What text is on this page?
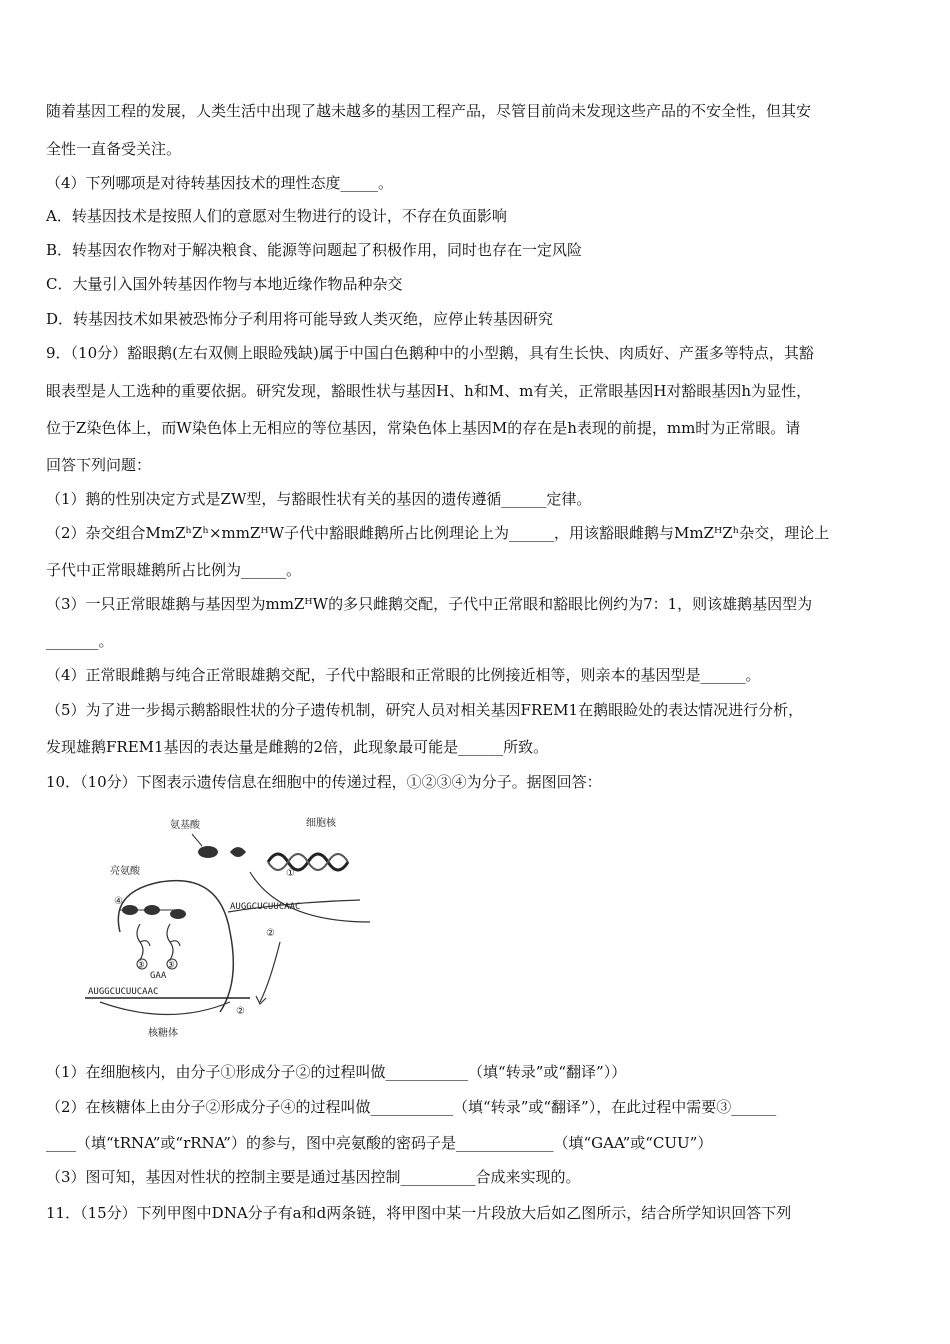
随着基因工程的发展，人类生活中出现了越未越多的基因工程产品，尽管目前尚未发现这些产品的不安全性，但其安
全性一直备受关注。
（4）下列哪项是对待转基因技术的理性态度_____。
A．转基因技术是按照人们的意愿对生物进行的设计，不存在负面影响
B．转基因农作物对于解决粮食、能源等问题起了积极作用，同时也存在一定风险
C．大量引入国外转基因作物与本地近缘作物品种杂交
D．转基因技术如果被恐怖分子利用将可能导致人类灭绝，应停止转基因研究
9．（10分）豁眼鹅(左右双侧上眼睑残缺)属于中国白色鹅种中的小型鹅，具有生长快、肉质好、产蛋多等特点，其豁
眼表型是人工选种的重要依据。研究发现，豁眼性状与基因H、h和M、m有关，正常眼基因H对豁眼基因h为显性，
位于Z染色体上，而W染色体上无相应的等位基因，常染色体上基因M的存在是h表现的前提，mm时为正常眼。请
回答下列问题：
（1）鹅的性别决定方式是ZW型，与豁眼性状有关的基因的遗传遵循______定律。
（2）杂交组合MmZʰZʰ×mmZᴴW子代中豁眼雌鹅所占比例理论上为______，用该豁眼雌鹅与MmZᴴZʰ杂交，理论上
子代中正常眼雄鹅所占比例为______。
（3）一只正常眼雄鹅与基因型为mmZᴴW的多只雌鹅交配，子代中正常眼和豁眼比例约为7：1，则该雄鹅基因型为
_______。
（4）正常眼雌鹅与纯合正常眼雄鹅交配，子代中豁眼和正常眼的比例接近相等，则亲本的基因型是______。
（5）为了进一步揭示鹅豁眼性状的分子遗传机制，研究人员对相关基因FREM1在鹅眼睑处的表达情况进行分析，
发现雄鹅FREM1基因的表达量是雌鹅的2倍，此现象最可能是______所致。
10．（10分）下图表示遗传信息在细胞中的传递过程，①②③④为分子。据图回答：
AUGGCUCUUCAAC
GAA
AUGGCUCUUCAAC
氨基酸	细胞核
亮氨酸
核糖体
①
②
②
③ ③
④
（1）在细胞核内，由分子①形成分子②的过程叫做___________（填“转录”或“翻译”））
（2）在核糖体上由分子②形成分子④的过程叫做___________（填“转录”或“翻译”），在此过程中需要③______
____（填“tRNA”或“rRNA”）的参与，图中亮氨酸的密码子是_____________（填“GAA”或“CUU”）
（3）图可知，基因对性状的控制主要是通过基因控制__________合成来实现的。
11．（15分）下列甲图中DNA分子有a和d两条链，将甲图中某一片段放大后如乙图所示，结合所学知识回答下列
